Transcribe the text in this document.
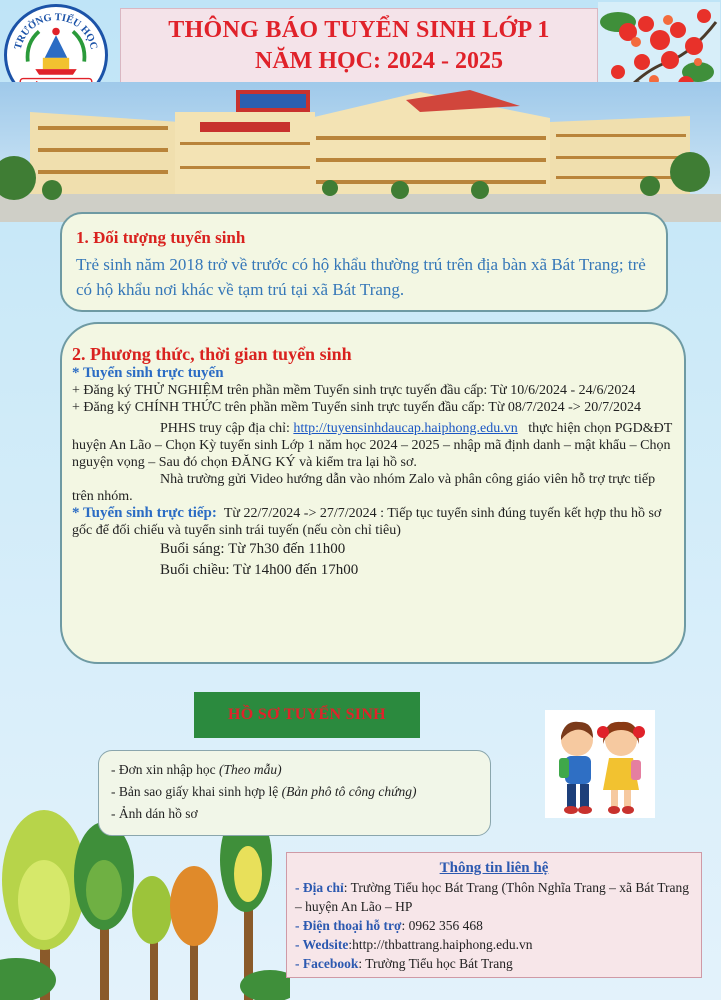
TRƯỜNG TIỂU HỌC
THÔNG BÁO TUYỂN SINH LỚP 1
NĂM HỌC: 2024 - 2025
1. Đối tượng tuyển sinh
Trẻ sinh năm 2018 trở về trước có hộ khẩu thường trú trên địa bàn xã Bát Trang; trẻ có hộ khẩu nơi khác về tạm trú tại xã Bát Trang.
2. Phương thức, thời gian tuyển sinh
* Tuyển sinh trực tuyến
+ Đăng ký THỬ NGHIỆM trên phần mềm Tuyển sinh trực tuyến đầu cấp: Từ 10/6/2024 - 24/6/2024
+ Đăng ký CHÍNH THỨC trên phần mềm Tuyển sinh trực tuyến đầu cấp: Từ 08/7/2024 -> 20/7/2024
PHHS truy cập địa chỉ: http://tuyensinhdaucap.haiphong.edu.vn thực hiện chọn PGD&ĐT huyện An Lão – Chọn Kỳ tuyển sinh Lớp 1 năm học 2024 – 2025 – nhập mã định danh – mật khẩu – Chọn nguyện vọng – Sau đó chọn ĐĂNG KÝ và kiểm tra lại hồ sơ.
Nhà trường gửi Video hướng dẫn vào nhóm Zalo và phân công giáo viên hỗ trợ trực tiếp trên nhóm.
* Tuyển sinh trực tiếp: Từ 22/7/2024 -> 27/7/2024 : Tiếp tục tuyển sinh đúng tuyến kết hợp thu hồ sơ gốc để đối chiếu và tuyển sinh trái tuyến (nếu còn chỉ tiêu)
Buổi sáng: Từ 7h30 đến 11h00
Buổi chiều: Từ 14h00 đến 17h00
HỒ SƠ TUYỂN SINH
- Đơn xin nhập học (Theo mẫu)
- Bản sao giấy khai sinh hợp lệ (Bản phô tô công chứng)
- Ảnh dán hồ sơ
Thông tin liên hệ
- Địa chỉ: Trường Tiểu học Bát Trang (Thôn Nghĩa Trang – xã Bát Trang – huyện An Lão – HP
- Điện thoại hỗ trợ: 0962 356 468
- Wedsite:http://thbattrang.haiphong.edu.vn
- Facebook: Trường Tiểu học Bát Trang
